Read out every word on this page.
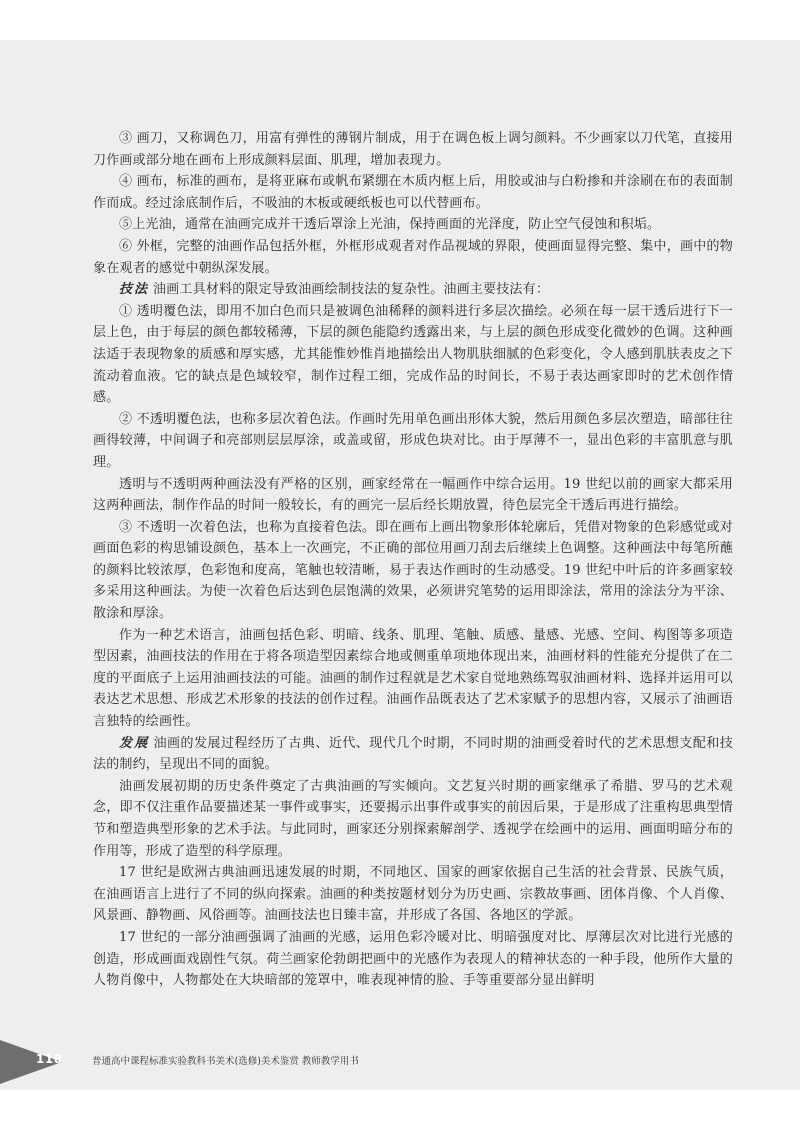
③ 画刀，又称调色刀，用富有弹性的薄钢片制成，用于在调色板上调匀颜料。不少画家以刀代笔，直接用刀作画或部分地在画布上形成颜料层面、肌理，增加表现力。

④ 画布，标准的画布，是将亚麻布或帆布紧绷在木质内框上后，用胶或油与白粉掺和并涂刷在布的表面制作而成。经过涂底制作后，不吸油的木板或硬纸板也可以代替画布。

⑤上光油，通常在油画完成并干透后罩涂上光油，保持画面的光泽度，防止空气侵蚀和积垢。

⑥ 外框，完整的油画作品包括外框，外框形成观者对作品视域的界限，使画面显得完整、集中，画中的物象在观者的感觉中朝纵深发展。

技法 油画工具材料的限定导致油画绘制技法的复杂性。油画主要技法有：

① 透明覆色法，即用不加白色而只是被调色油稀释的颜料进行多层次描绘。必须在每一层干透后进行下一层上色，由于每层的颜色都较稀薄，下层的颜色能隐约透露出来，与上层的颜色形成变化微妙的色调。这种画法适于表现物象的质感和厚实感，尤其能惟妙惟肖地描绘出人物肌肤细腻的色彩变化，令人感到肌肤表皮之下流动着血液。它的缺点是色域较窄，制作过程工细，完成作品的时间长，不易于表达画家即时的艺术创作情感。

② 不透明覆色法，也称多层次着色法。作画时先用单色画出形体大貌，然后用颜色多层次塑造，暗部往往画得较薄，中间调子和亮部则层层厚涂，或盖或留，形成色块对比。由于厚薄不一，显出色彩的丰富肌意与肌理。

透明与不透明两种画法没有严格的区别，画家经常在一幅画作中综合运用。19 世纪以前的画家大都采用这两种画法，制作作品的时间一般较长，有的画完一层后经长期放置，待色层完全干透后再进行描绘。

③ 不透明一次着色法，也称为直接着色法。即在画布上画出物象形体轮廓后，凭借对物象的色彩感觉或对画面色彩的构思铺设颜色，基本上一次画完，不正确的部位用画刀刮去后继续上色调整。这种画法中每笔所蘸的颜料比较浓厚，色彩饱和度高，笔触也较清晰，易于表达作画时的生动感受。19 世纪中叶后的许多画家较多采用这种画法。为使一次着色后达到色层饱满的效果，必须讲究笔势的运用即涂法，常用的涂法分为平涂、散涂和厚涂。

作为一种艺术语言，油画包括色彩、明暗、线条、肌理、笔触、质感、量感、光感、空间、构图等多项造型因素，油画技法的作用在于将各项造型因素综合地或侧重单项地体现出来，油画材料的性能充分提供了在二度的平面底子上运用油画技法的可能。油画的制作过程就是艺术家自觉地熟练驾驭油画材料、选择并运用可以表达艺术思想、形成艺术形象的技法的创作过程。油画作品既表达了艺术家赋予的思想内容，又展示了油画语言独特的绘画性。

发展 油画的发展过程经历了古典、近代、现代几个时期，不同时期的油画受着时代的艺术思想支配和技法的制约，呈现出不同的面貌。

油画发展初期的历史条件奠定了古典油画的写实倾向。文艺复兴时期的画家继承了希腊、罗马的艺术观念，即不仅注重作品要描述某一事件或事实，还要揭示出事件或事实的前因后果，于是形成了注重构思典型情节和塑造典型形象的艺术手法。与此同时，画家还分别探索解剖学、透视学在绘画中的运用、画面明暗分布的作用等，形成了造型的科学原理。

17 世纪是欧洲古典油画迅速发展的时期，不同地区、国家的画家依据自己生活的社会背景、民族气质，在油画语言上进行了不同的纵向探索。油画的种类按题材划分为历史画、宗教故事画、团体肖像、个人肖像、风景画、静物画、风俗画等。油画技法也日臻丰富，并形成了各国、各地区的学派。

17 世纪的一部分油画强调了油画的光感，运用色彩冷暖对比、明暗强度对比、厚薄层次对比进行光感的创造，形成画面戏剧性气氛。荷兰画家伦勃朗把画中的光感作为表现人的精神状态的一种手段，他所作大量的人物肖像中，人物都处在大块暗部的笼罩中，唯表现神情的脸、手等重要部分显出鲜明

118	普通高中课程标准实验教科书美术(选修)美术鉴赏 教师教学用书
